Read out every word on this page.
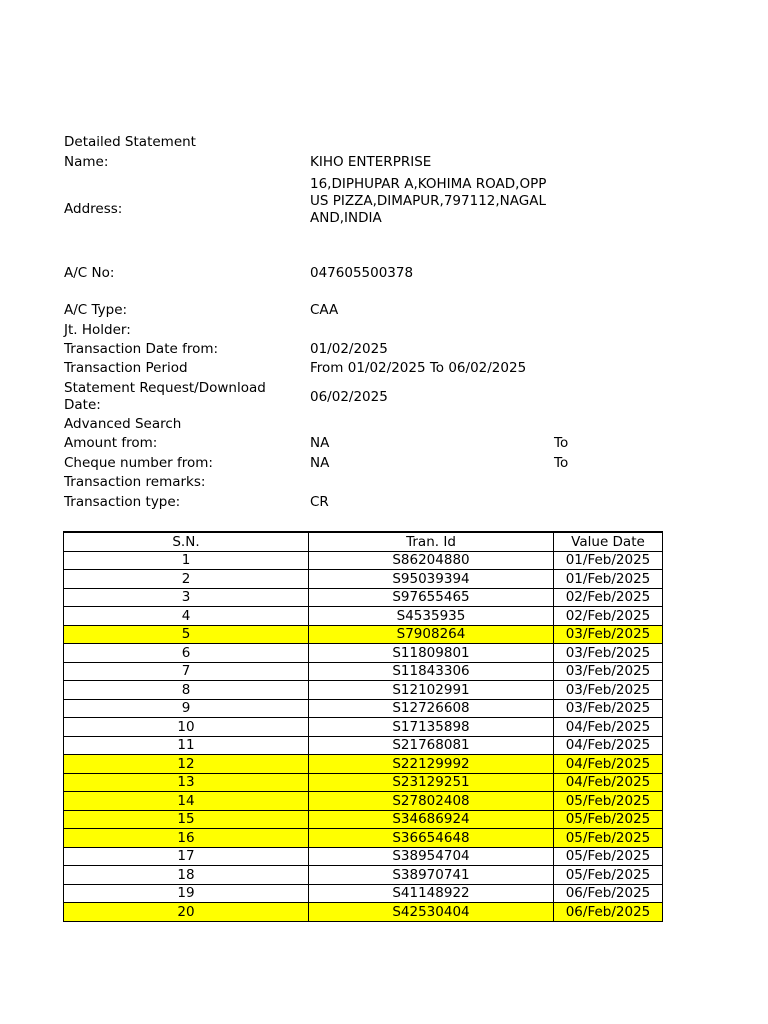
Detailed Statement
Name:	KIHO ENTERPRISE
Address:
16,DIPHUPAR A,KOHIMA ROAD,OPP US PIZZA,DIMAPUR,797112,NAGALAND,INDIA
A/C No:	047605500378
A/C Type:	CAA
Jt. Holder:
Transaction Date from:	01/02/2025
Transaction Period	From 01/02/2025 To 06/02/2025
Statement Request/Download Date:	06/02/2025
Advanced Search
Amount from:	NA	To
Cheque number from:	NA	To
Transaction remarks:
Transaction type:	CR
S.N.	Tran. Id	Value Date
1	S86204880	01/Feb/2025
2	S95039394	01/Feb/2025
3	S97655465	02/Feb/2025
4	S4535935	02/Feb/2025
5	S7908264	03/Feb/2025
6	S11809801	03/Feb/2025
7	S11843306	03/Feb/2025
8	S12102991	03/Feb/2025
9	S12726608	03/Feb/2025
10	S17135898	04/Feb/2025
11	S21768081	04/Feb/2025
12	S22129992	04/Feb/2025
13	S23129251	04/Feb/2025
14	S27802408	05/Feb/2025
15	S34686924	05/Feb/2025
16	S36654648	05/Feb/2025
17	S38954704	05/Feb/2025
18	S38970741	05/Feb/2025
19	S41148922	06/Feb/2025
20	S42530404	06/Feb/2025
